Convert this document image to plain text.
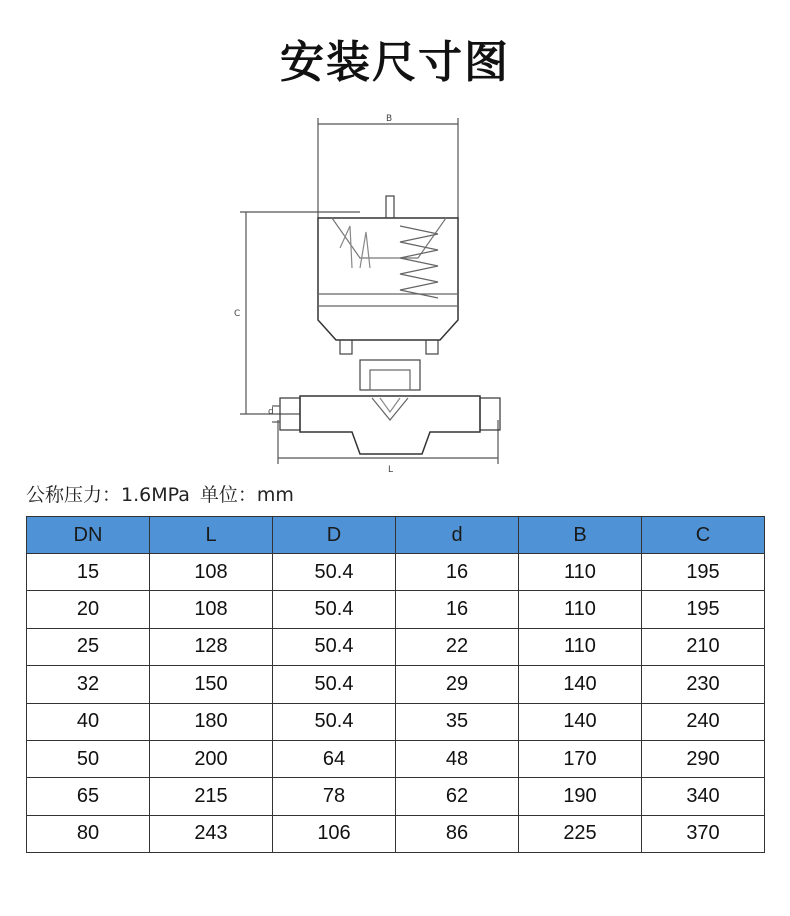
安装尺寸图
B
C
L
d
公称压力：1.6MPa 单位：mm
DN	L	D	d	B	C
15	108	50.4	16	110	195
20	108	50.4	16	110	195
25	128	50.4	22	110	210
32	150	50.4	29	140	230
40	180	50.4	35	140	240
50	200	64	48	170	290
65	215	78	62	190	340
80	243	106	86	225	370
